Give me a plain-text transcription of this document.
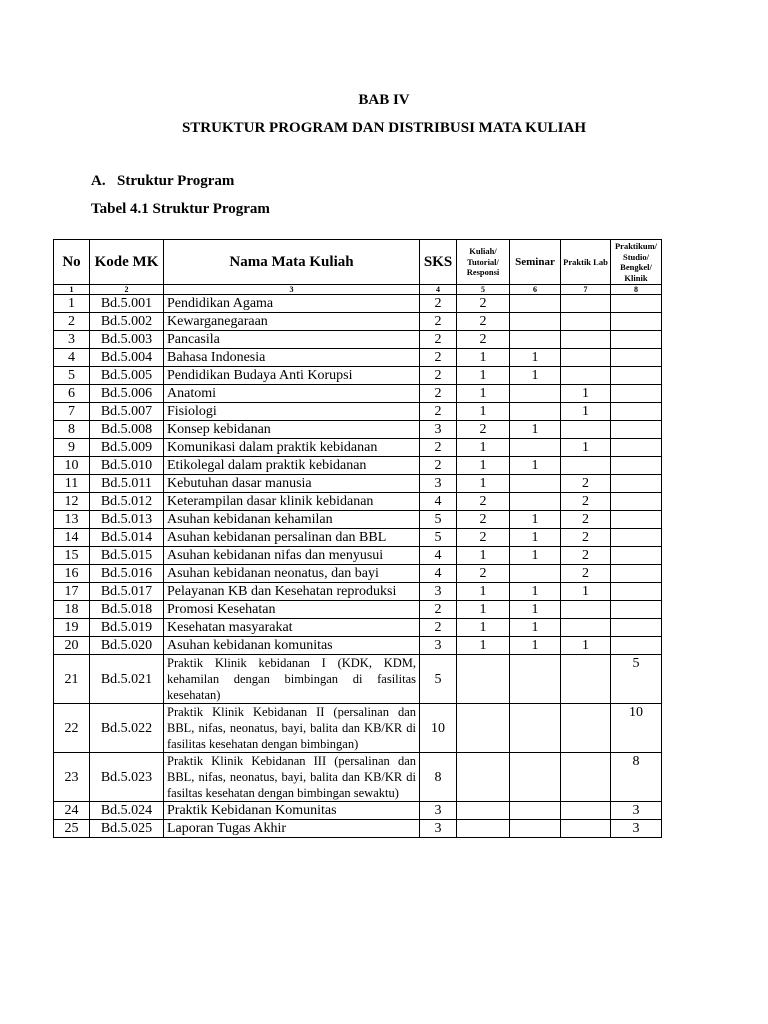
BAB IV
STRUKTUR PROGRAM DAN DISTRIBUSI MATA KULIAH
A. Struktur Program
Tabel 4.1 Struktur Program
No	Kode MK	Nama Mata Kuliah	SKS	Kuliah/ Tutorial/ Responsi	Seminar	Praktik Lab	Praktikum/ Studio/ Bengkel/ Klinik
1	2	3	4	5	6	7	8
1	Bd.5.001	Pendidikan Agama	2	2			
2	Bd.5.002	Kewarganegaraan	2	2			
3	Bd.5.003	Pancasila	2	2			
4	Bd.5.004	Bahasa Indonesia	2	1	1		
5	Bd.5.005	Pendidikan Budaya Anti Korupsi	2	1	1		
6	Bd.5.006	Anatomi	2	1		1	
7	Bd.5.007	Fisiologi	2	1		1	
8	Bd.5.008	Konsep kebidanan	3	2	1		
9	Bd.5.009	Komunikasi dalam praktik kebidanan	2	1		1	
10	Bd.5.010	Etikolegal dalam praktik kebidanan	2	1	1		
11	Bd.5.011	Kebutuhan dasar manusia	3	1		2	
12	Bd.5.012	Keterampilan dasar klinik kebidanan	4	2		2	
13	Bd.5.013	Asuhan kebidanan kehamilan	5	2	1	2	
14	Bd.5.014	Asuhan kebidanan persalinan dan BBL	5	2	1	2	
15	Bd.5.015	Asuhan kebidanan nifas dan menyusui	4	1	1	2	
16	Bd.5.016	Asuhan kebidanan neonatus, dan bayi	4	2		2	
17	Bd.5.017	Pelayanan KB dan Kesehatan reproduksi	3	1	1	1	
18	Bd.5.018	Promosi Kesehatan	2	1	1		
19	Bd.5.019	Kesehatan masyarakat	2	1	1		
20	Bd.5.020	Asuhan kebidanan komunitas	3	1	1	1	
21	Bd.5.021	Praktik Klinik kebidanan I (KDK, KDM, kehamilan dengan bimbingan di fasilitas kesehatan)	5				5
22	Bd.5.022	Praktik Klinik Kebidanan II (persalinan dan BBL, nifas, neonatus, bayi, balita dan KB/KR di fasilitas kesehatan dengan bimbingan)	10				10
23	Bd.5.023	Praktik Klinik Kebidanan III (persalinan dan BBL, nifas, neonatus, bayi, balita dan KB/KR di fasiltas kesehatan dengan bimbingan sewaktu)	8				8
24	Bd.5.024	Praktik Kebidanan Komunitas	3				3
25	Bd.5.025	Laporan Tugas Akhir	3				3
